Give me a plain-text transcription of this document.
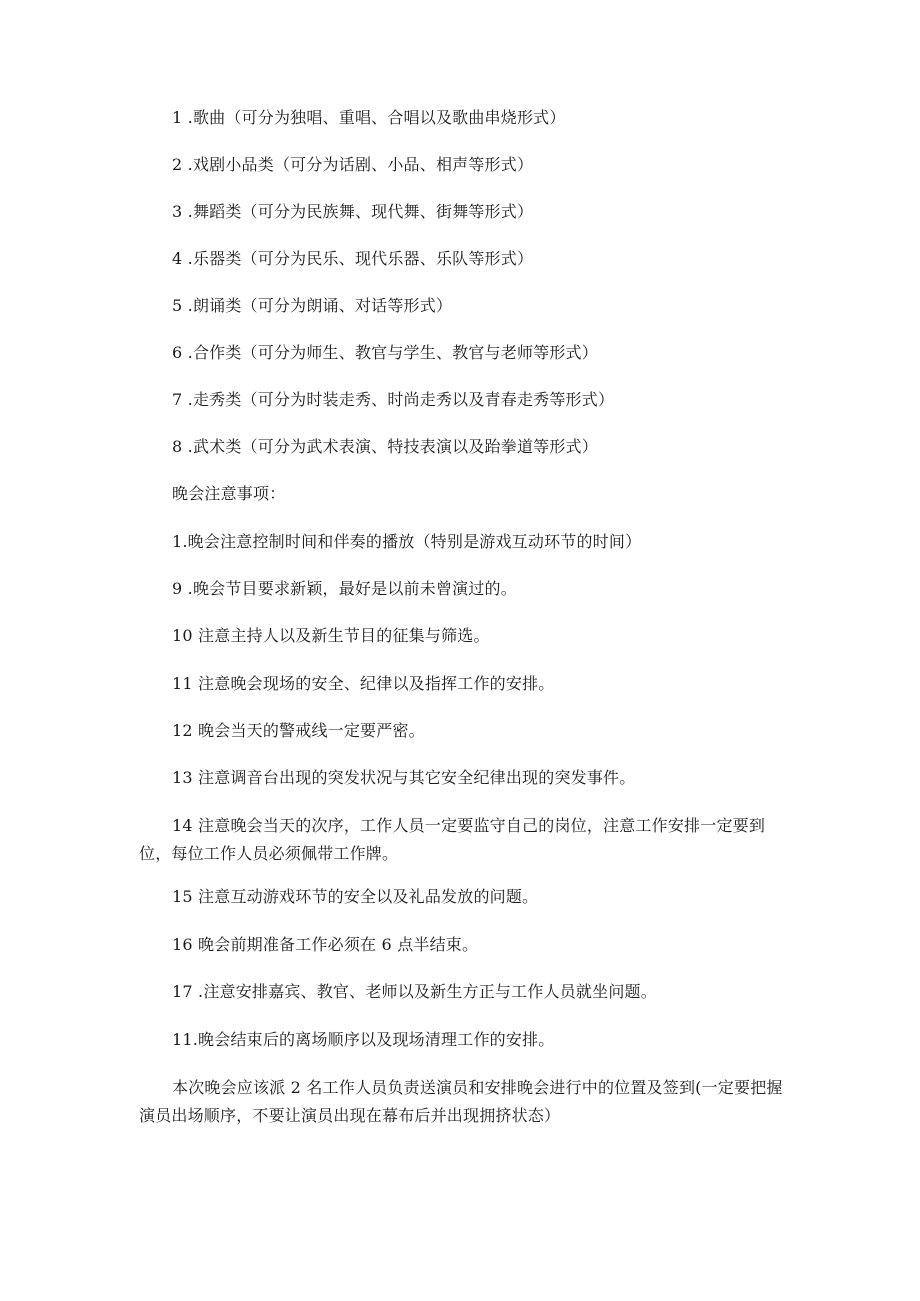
1 .歌曲（可分为独唱、重唱、合唱以及歌曲串烧形式）
2 .戏剧小品类（可分为话剧、小品、相声等形式）
3 .舞蹈类（可分为民族舞、现代舞、街舞等形式）
4 .乐器类（可分为民乐、现代乐器、乐队等形式）
5 .朗诵类（可分为朗诵、对话等形式）
6 .合作类（可分为师生、教官与学生、教官与老师等形式）
7 .走秀类（可分为时装走秀、时尚走秀以及青春走秀等形式）
8 .武术类（可分为武术表演、特技表演以及跆拳道等形式）
晚会注意事项：
1.晚会注意控制时间和伴奏的播放（特别是游戏互动环节的时间）
9 .晚会节目要求新颖，最好是以前未曾演过的。
10 注意主持人以及新生节目的征集与筛选。
11 注意晚会现场的安全、纪律以及指挥工作的安排。
12 晚会当天的警戒线一定要严密。
13 注意调音台出现的突发状况与其它安全纪律出现的突发事件。
14 注意晚会当天的次序，工作人员一定要监守自己的岗位，注意工作安排一定要到位，每位工作人员必须佩带工作牌。
15 注意互动游戏环节的安全以及礼品发放的问题。
16 晚会前期准备工作必须在 6 点半结束。
17 .注意安排嘉宾、教官、老师以及新生方正与工作人员就坐问题。
11.晚会结束后的离场顺序以及现场清理工作的安排。
本次晚会应该派 2 名工作人员负责送演员和安排晚会进行中的位置及签到(一定要把握演员出场顺序，不要让演员出现在幕布后并出现拥挤状态）
